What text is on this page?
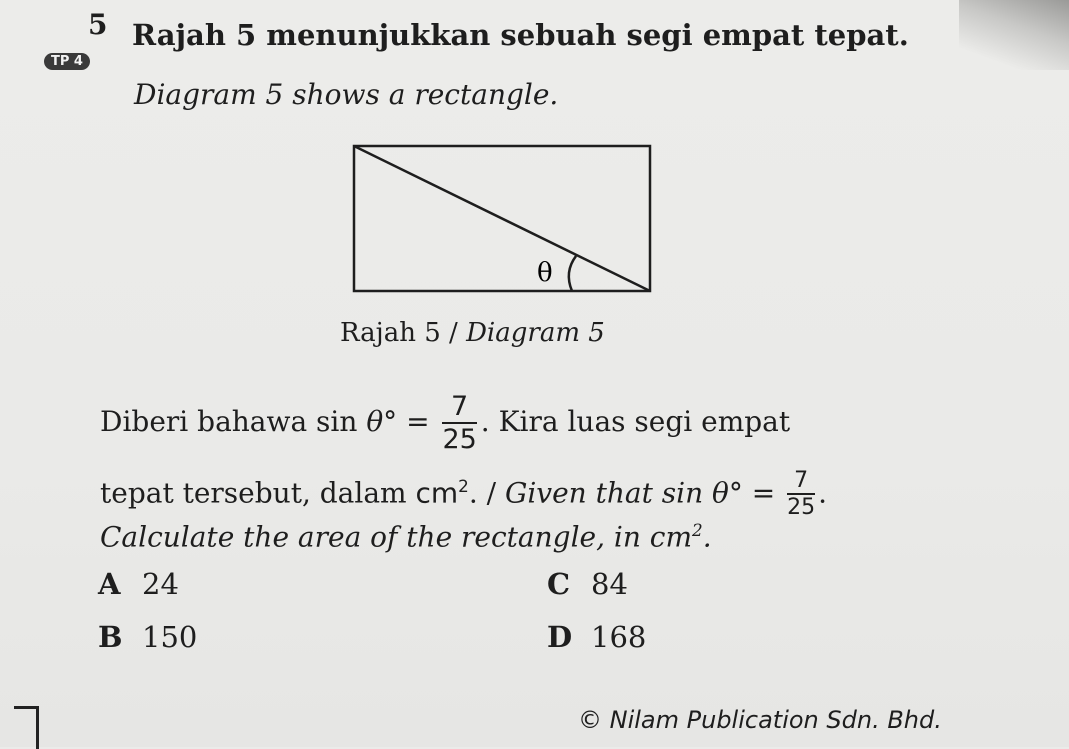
5 Rajah 5 menunjukkan sebuah segi empat tepat.
TP 4
Diagram 5 shows a rectangle.
θ
Rajah 5 / Diagram 5
Diberi bahawa $\sin \theta^\circ = \frac{7}{25}$ . Kira luas segi empat
tepat tersebut, dalam $cm^2$. / Given that $\sin \theta^\circ = \frac{7}{25}$ .
Calculate the area of the rectangle, in $cm^2$.
A 24	C 84
B 150	D 168
© Nilam Publication Sdn. Bhd.
